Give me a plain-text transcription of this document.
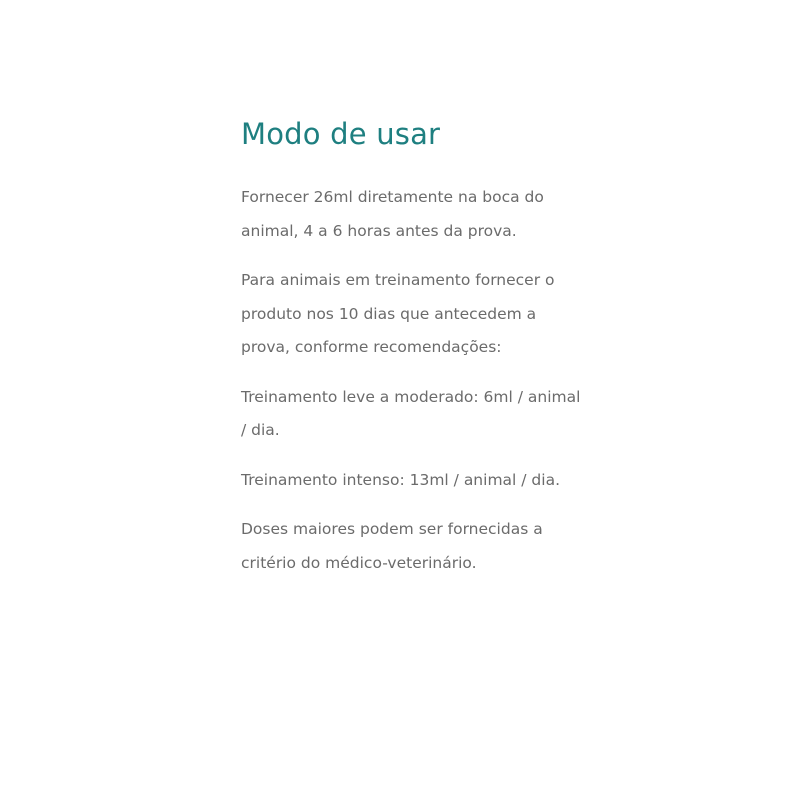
Modo de usar

Fornecer 26ml diretamente na boca do animal, 4 a 6 horas antes da prova.

Para animais em treinamento fornecer o produto nos 10 dias que antecedem a prova, conforme recomendações:

Treinamento leve a moderado: 6ml / animal / dia.

Treinamento intenso: 13ml / animal / dia.

Doses maiores podem ser fornecidas a critério do médico-veterinário.
